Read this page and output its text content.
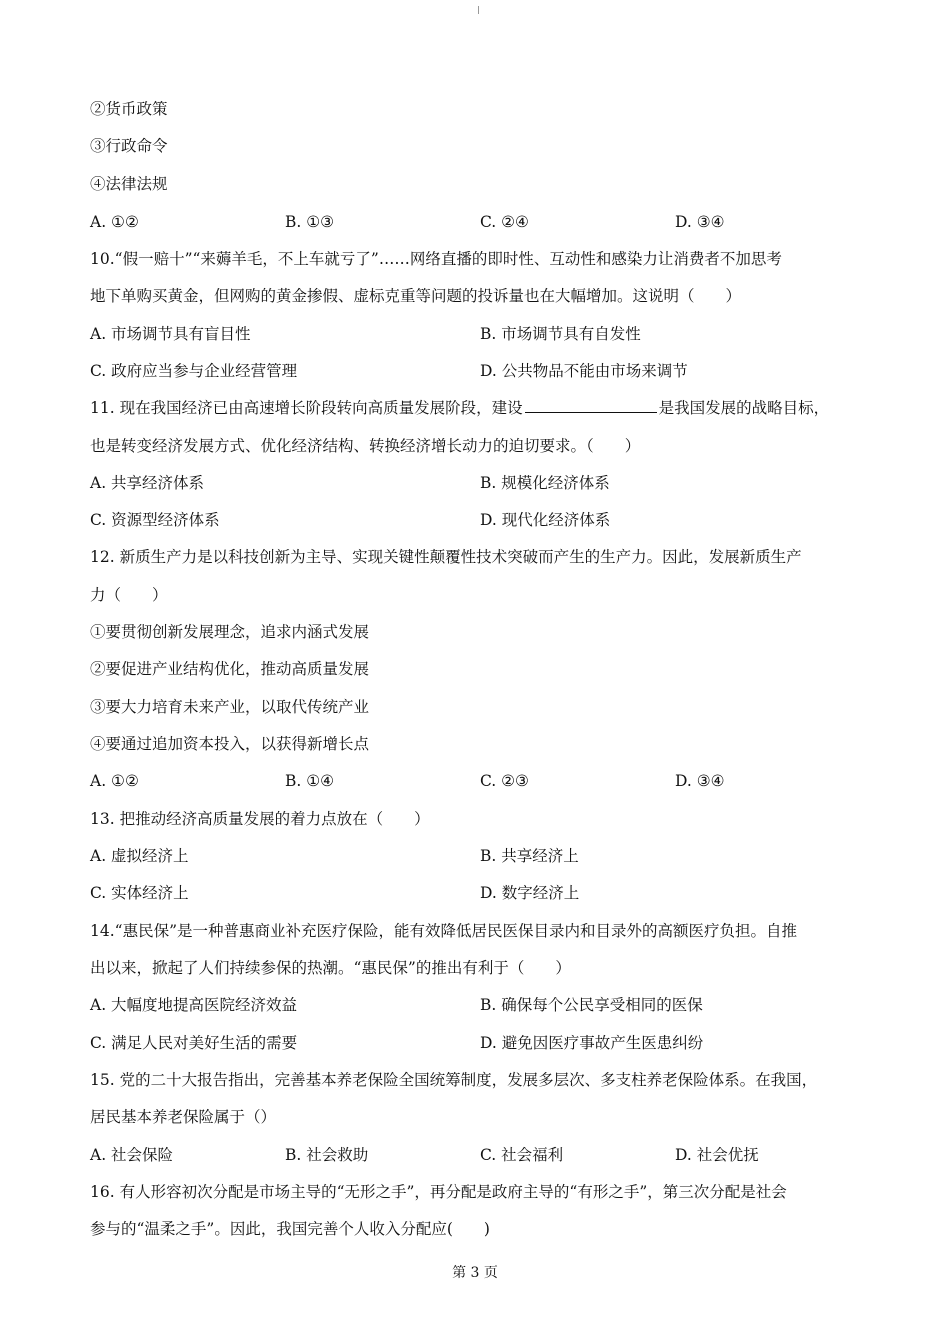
②货币政策
③行政命令
④法律法规
A. ①②	B. ①③	C. ②④	D. ③④
10.“假一赔十”“来薅羊毛，不上车就亏了”……网络直播的即时性、互动性和感染力让消费者不加思考
地下单购买黄金，但网购的黄金掺假、虚标克重等问题的投诉量也在大幅增加。这说明（　　）
A. 市场调节具有盲目性	B. 市场调节具有自发性
C. 政府应当参与企业经营管理	D. 公共物品不能由市场来调节
11. 现在我国经济已由高速增长阶段转向高质量发展阶段，建设	是我国发展的战略目标，
也是转变经济发展方式、优化经济结构、转换经济增长动力的迫切要求。（　　）
A. 共享经济体系	B. 规模化经济体系
C. 资源型经济体系	D. 现代化经济体系
12. 新质生产力是以科技创新为主导、实现关键性颠覆性技术突破而产生的生产力。因此，发展新质生产
力（　　）
①要贯彻创新发展理念，追求内涵式发展
②要促进产业结构优化，推动高质量发展
③要大力培育未来产业，以取代传统产业
④要通过追加资本投入，以获得新增长点
A. ①②	B. ①④	C. ②③	D. ③④
13. 把推动经济高质量发展的着力点放在（　　）
A. 虚拟经济上	B. 共享经济上
C. 实体经济上	D. 数字经济上
14.“惠民保”是一种普惠商业补充医疗保险，能有效降低居民医保目录内和目录外的高额医疗负担。自推
出以来，掀起了人们持续参保的热潮。“惠民保”的推出有利于（　　）
A. 大幅度地提高医院经济效益	B. 确保每个公民享受相同的医保
C. 满足人民对美好生活的需要	D. 避免因医疗事故产生医患纠纷
15. 党的二十大报告指出，完善基本养老保险全国统筹制度，发展多层次、多支柱养老保险体系。在我国，
居民基本养老保险属于（）
A. 社会保险	B. 社会救助	C. 社会福利	D. 社会优抚
16. 有人形容初次分配是市场主导的“无形之手”，再分配是政府主导的“有形之手”，第三次分配是社会
参与的“温柔之手”。因此，我国完善个人收入分配应(　　)
第 3 页
